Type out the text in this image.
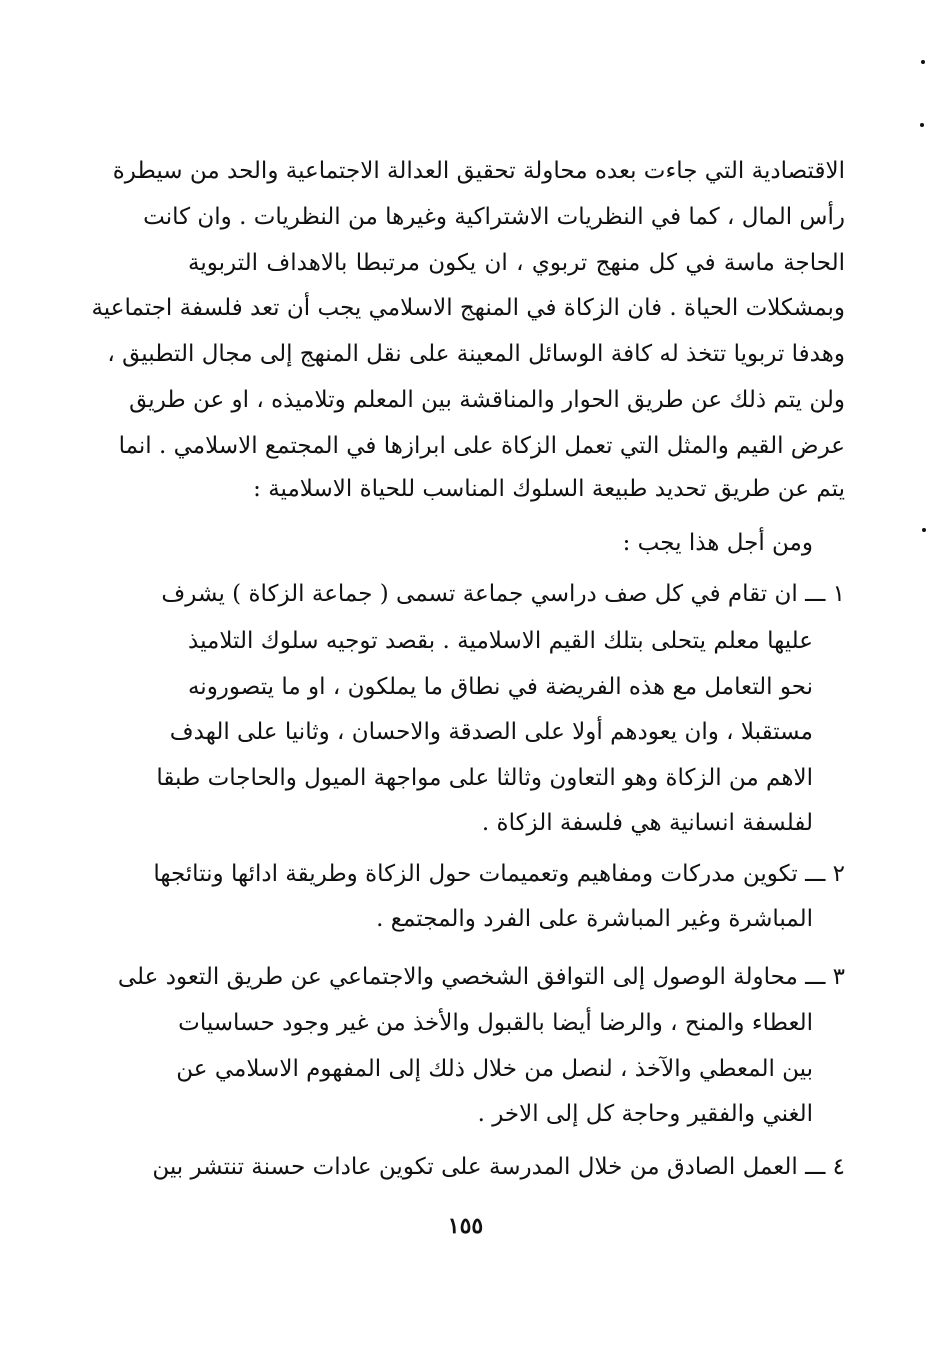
الاقتصادية التي جاءت بعده محاولة تحقيق العدالة الاجتماعية والحد من سيطرة
رأس المال ، كما في النظريات الاشتراكية وغيرها من النظريات . وان كانت
الحاجة ماسة في كل منهج تربوي ، ان يكون مرتبطا بالاهداف التربوية
وبمشكلات الحياة . فان الزكاة في المنهج الاسلامي يجب أن تعد فلسفة اجتماعية
وهدفا تربويا تتخذ له كافة الوسائل المعينة على نقل المنهج إلى مجال التطبيق ،
ولن يتم ذلك عن طريق الحوار والمناقشة بين المعلم وتلاميذه ، او عن طريق
عرض القيم والمثل التي تعمل الزكاة على ابرازها في المجتمع الاسلامي . انما
يتم عن طريق تحديد طبيعة السلوك المناسب للحياة الاسلامية :
ومن أجل هذا يجب :
١ ـــ ان تقام في كل صف دراسي جماعة تسمى ( جماعة الزكاة ) يشرف
عليها معلم يتحلى بتلك القيم الاسلامية . بقصد توجيه سلوك التلاميذ
نحو التعامل مع هذه الفريضة في نطاق ما يملكون ، او ما يتصورونه
مستقبلا ، وان يعودهم أولا على الصدقة والاحسان ، وثانيا على الهدف
الاهم من الزكاة وهو التعاون وثالثا على مواجهة الميول والحاجات طبقا
لفلسفة انسانية هي فلسفة الزكاة .
٢ ـــ تكوين مدركات ومفاهيم وتعميمات حول الزكاة وطريقة ادائها ونتائجها
المباشرة وغير المباشرة على الفرد والمجتمع .
٣ ـــ محاولة الوصول إلى التوافق الشخصي والاجتماعي عن طريق التعود على
العطاء والمنح ، والرضا أيضا بالقبول والأخذ من غير وجود حساسيات
بين المعطي والآخذ ، لنصل من خلال ذلك إلى المفهوم الاسلامي عن
الغني والفقير وحاجة كل إلى الاخر .
٤ ـــ العمل الصادق من خلال المدرسة على تكوين عادات حسنة تنتشر بين
١٥٥
